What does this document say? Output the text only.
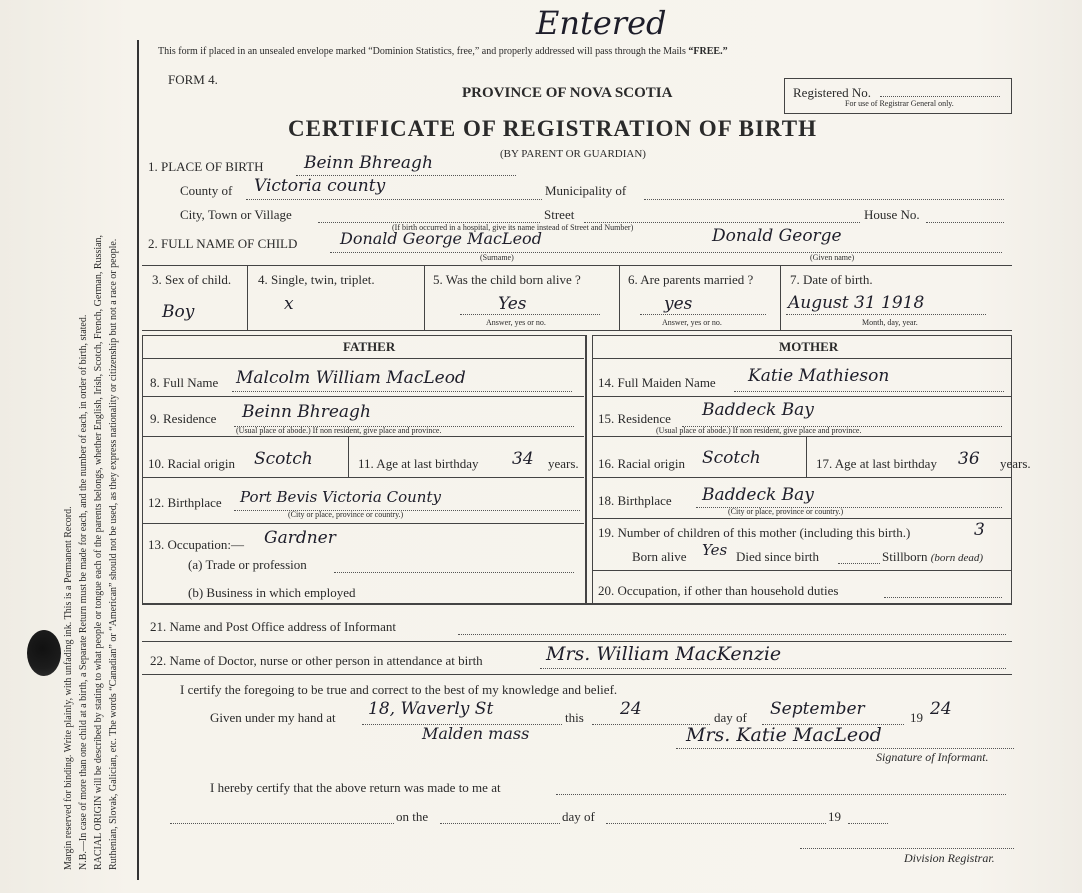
Margin reserved for binding. Write plainly, with unfading ink. This is a Permanent Record. N.B.—In case of more than one child at a birth, a Separate Return must be made for each, and the number of each, in order of birth, stated. RACIAL ORIGIN will be described by stating to what people or tongue each of the parents belongs, whether English, Irish, Scotch, French, German, Russian, Ruthenian, Slovak, Galician, etc. The words “Canadian” or “American” should not be used, as they express nationality or citizenship but not a race or people.
Entered
This form if placed in an unsealed envelope marked “Dominion Statistics, free,” and properly addressed will pass through the Mails “FREE.”
FORM 4.
PROVINCE OF NOVA SCOTIA	Registered No.
For use of Registrar General only.
CERTIFICATE OF REGISTRATION OF BIRTH
(BY PARENT OR GUARDIAN)
1. PLACE OF BIRTH Beinn Bhreagh
County of Victoria county	Municipality of
City, Town or Village	Street	House No.
(If birth occurred in a hospital, give its name instead of Street and Number)
2. FULL NAME OF CHILD	Donald George MacLeod
(Surname)
Donald George
(Given name)
3. Sex of child.
Boy
4. Single, twin, triplet.
x
5. Was the child born alive ?
Yes
Answer, yes or no.
6. Are parents married ?
yes
Answer, yes or no.
7. Date of birth.
August 31 1918
Month, day, year.
FATHER	MOTHER
8. Full Name Malcolm William MacLeod
9. Residence Beinn Bhreagh
(Usual place of abode.) If non resident, give place and province.
10. Racial origin Scotch	11. Age at last birthday 34 years.
12. Birthplace Port Bevis Victoria County
(City or place, province or country.)
13. Occupation:— Gardner
(a) Trade or profession
(b) Business in which employed
14. Full Maiden Name Katie Mathieson
15. Residence Baddeck Bay
(Usual place of abode.) If non resident, give place and province.
16. Racial origin Scotch	17. Age at last birthday 36 years.
18. Birthplace Baddeck Bay
(City or place, province or country.)
19. Number of children of this mother (including this birth.)	3
Born alive Yes Died since birth	Stillborn (born dead)
20. Occupation, if other than household duties
21. Name and Post Office address of Informant
22. Name of Doctor, nurse or other person in attendance at birth	Mrs. William MacKenzie
I certify the foregoing to be true and correct to the best of my knowledge and belief.
Given under my hand at 18, Waverly St	this 24	day of September	19 24
Malden mass	Mrs. Katie MacLeod
Signature of Informant.
I hereby certify that the above return was made to me at
on the	day of	19
Division Registrar.
